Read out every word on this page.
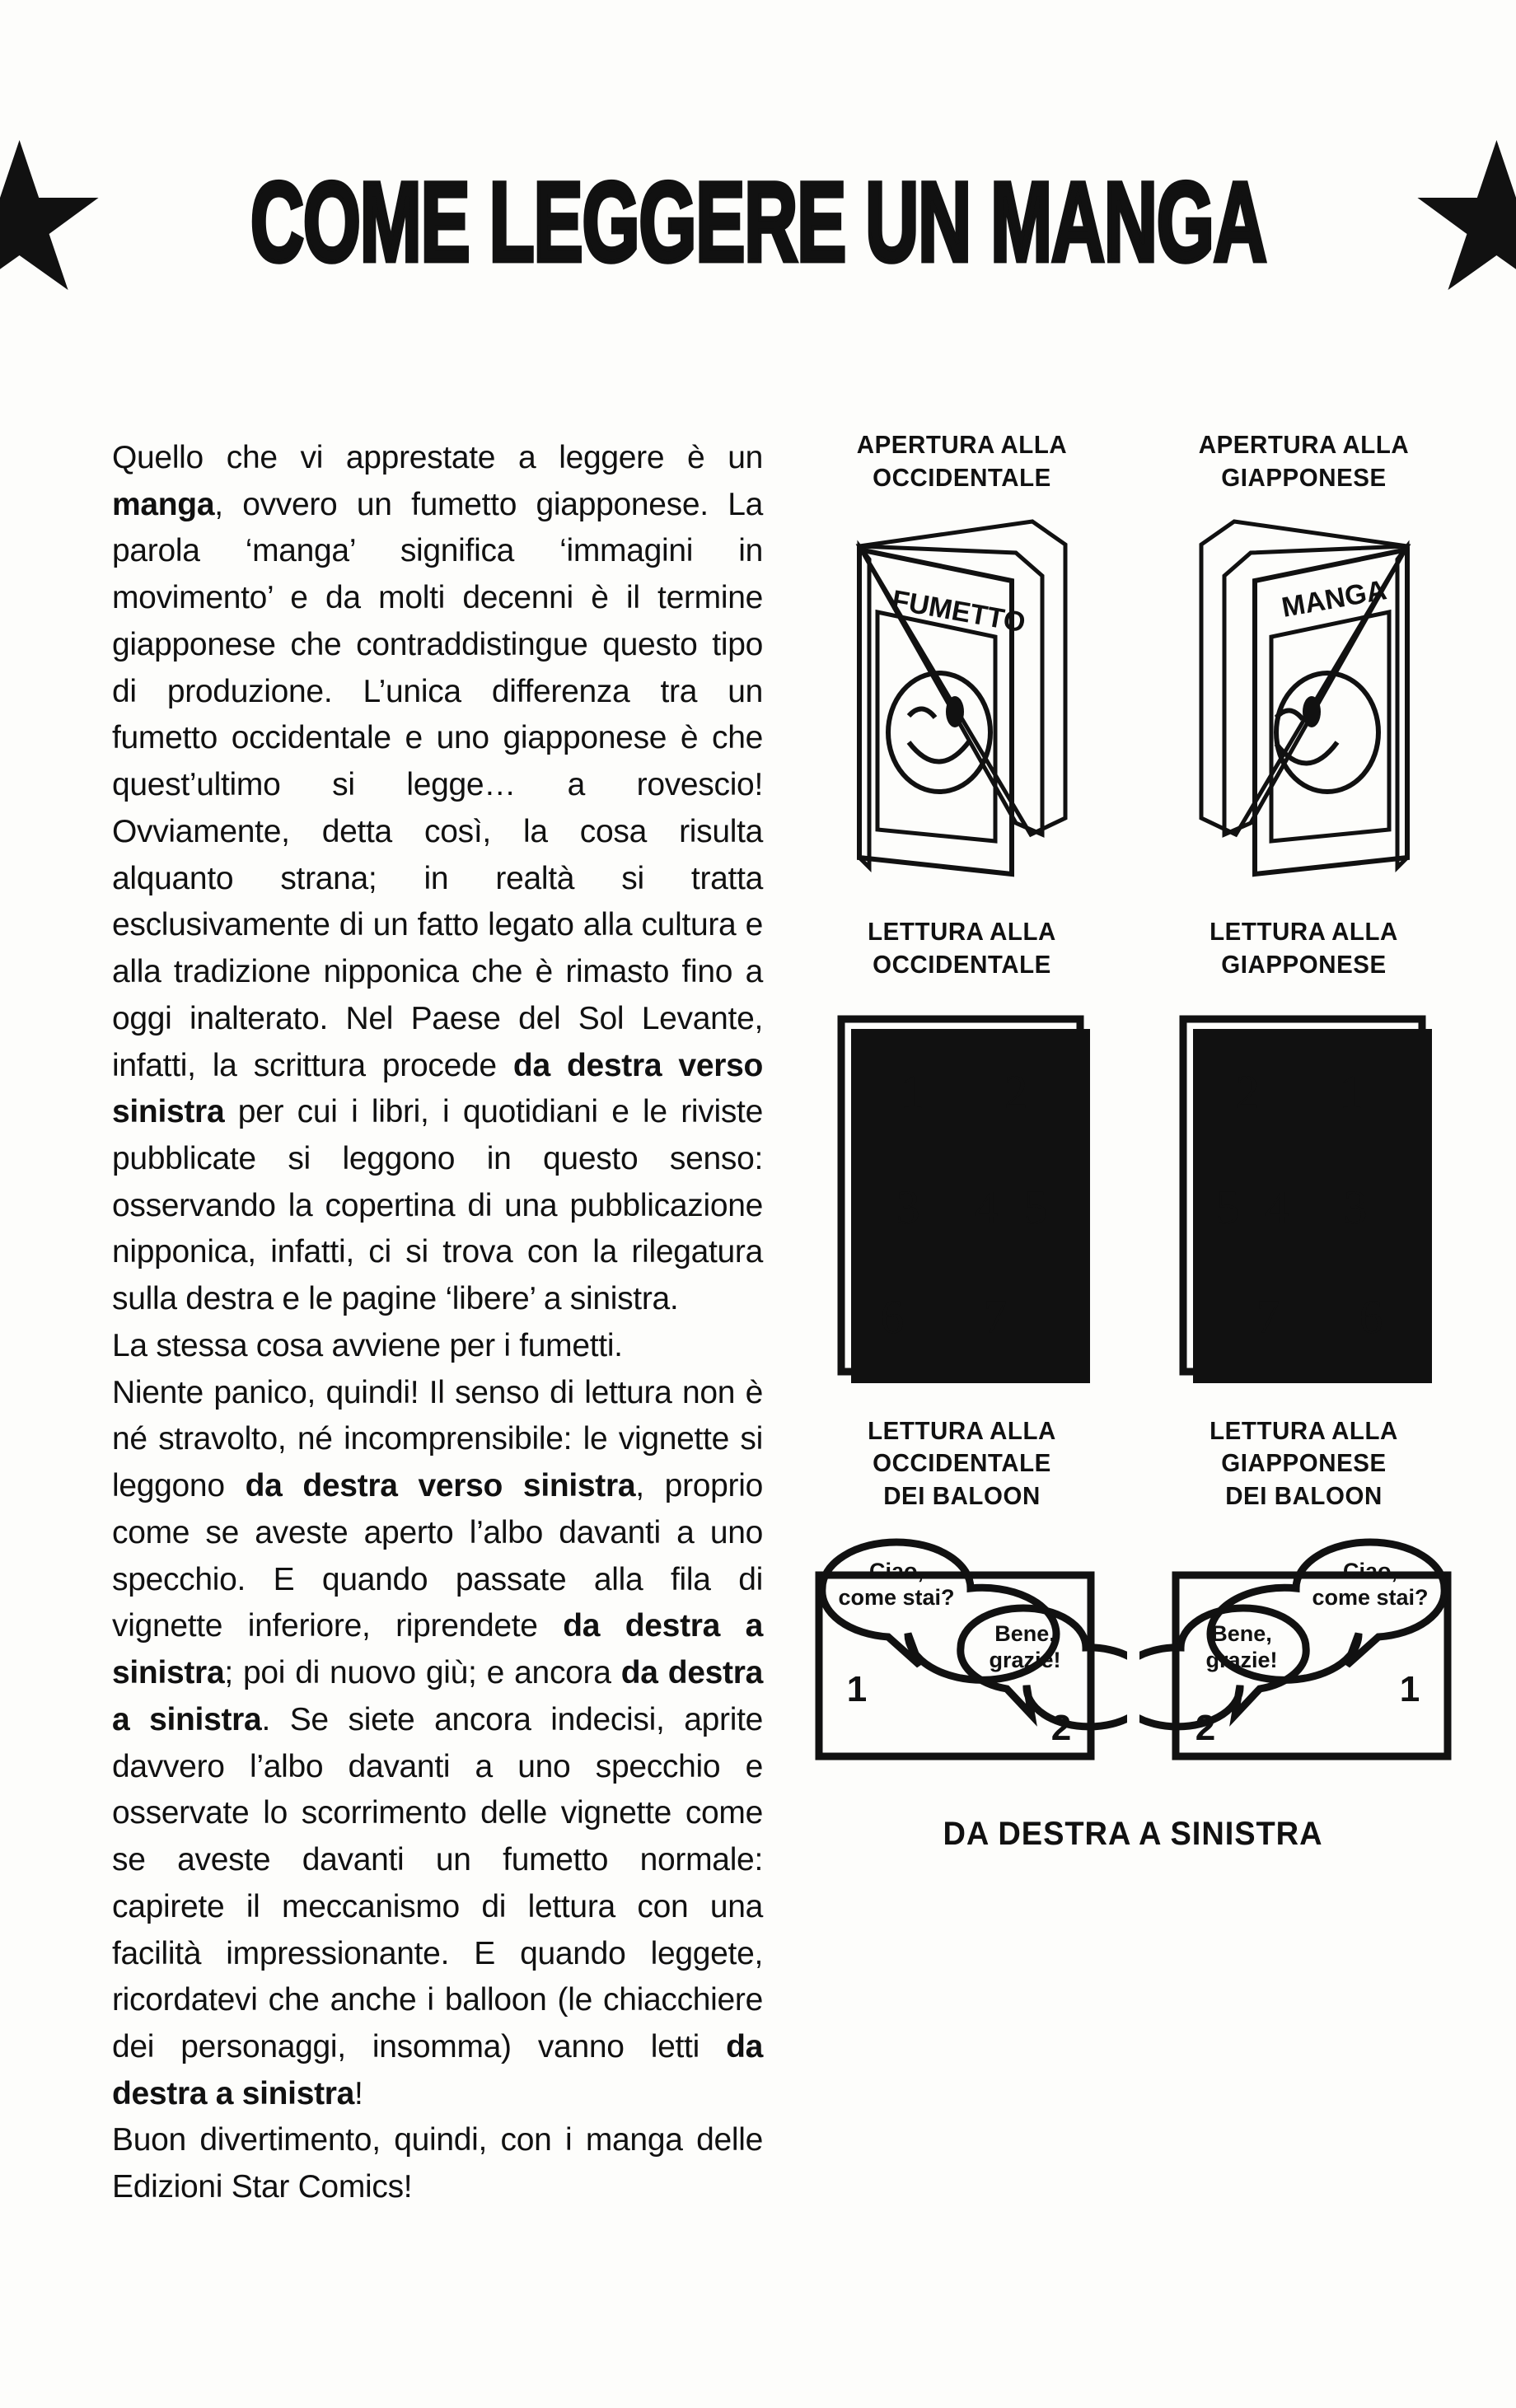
COME LEGGERE UN MANGA

Quello che vi apprestate a leggere è un manga, ovvero un fumetto giapponese. La parola ‘manga’ significa ‘immagini in movimento’ e da molti decenni è il termine giapponese che contraddistingue questo tipo di produzione. L’unica differenza tra un fumetto occidentale e uno giapponese è che quest’ultimo si legge… a rovescio! Ovviamente, detta così, la cosa risulta alquanto strana; in realtà si tratta esclusivamente di un fatto legato alla cultura e alla tradizione nipponica che è rimasto fino a oggi inalterato. Nel Paese del Sol Levante, infatti, la scrittura procede da destra verso sinistra per cui i libri, i quotidiani e le riviste pubblicate si leggono in questo senso: osservando la copertina di una pubblicazione nipponica, infatti, ci si trova con la rilegatura sulla destra e le pagine ‘libere’ a sinistra.

La stessa cosa avviene per i fumetti.

Niente panico, quindi! Il senso di lettura non è né stravolto, né incomprensibile: le vignette si leggono da destra verso sinistra, proprio come se aveste aperto l’albo davanti a uno specchio. E quando passate alla fila di vignette inferiore, riprendete da destra a sinistra; poi di nuovo giù; e ancora da destra a sinistra. Se siete ancora indecisi, aprite davvero l’albo davanti a uno specchio e osservate lo scorrimento delle vignette come se aveste davanti un fumetto normale: capirete il meccanismo di lettura con una facilità impressionante. E quando leggete, ricordatevi che anche i balloon (le chiacchiere dei personaggi, insomma) vanno letti da destra a sinistra!

Buon divertimento, quindi, con i manga delle Edizioni Star Comics!

APERTURA ALLA
OCCIDENTALE
APERTURA ALLA
GIAPPONESE
FUMETTO	MANGA
LETTURA ALLA
OCCIDENTALE
LETTURA ALLA
GIAPPONESE
1 2
3 4 5
6 7
2 1
5 4 3
7 6
LETTURA ALLA
OCCIDENTALE
DEI BALOON
LETTURA ALLA
GIAPPONESE
DEI BALOON
Ciao,
come stai?
1
Bene,
grazie!
2
Ciao,
come stai?
1
Bene,
grazie!
2
DA DESTRA A SINISTRA
